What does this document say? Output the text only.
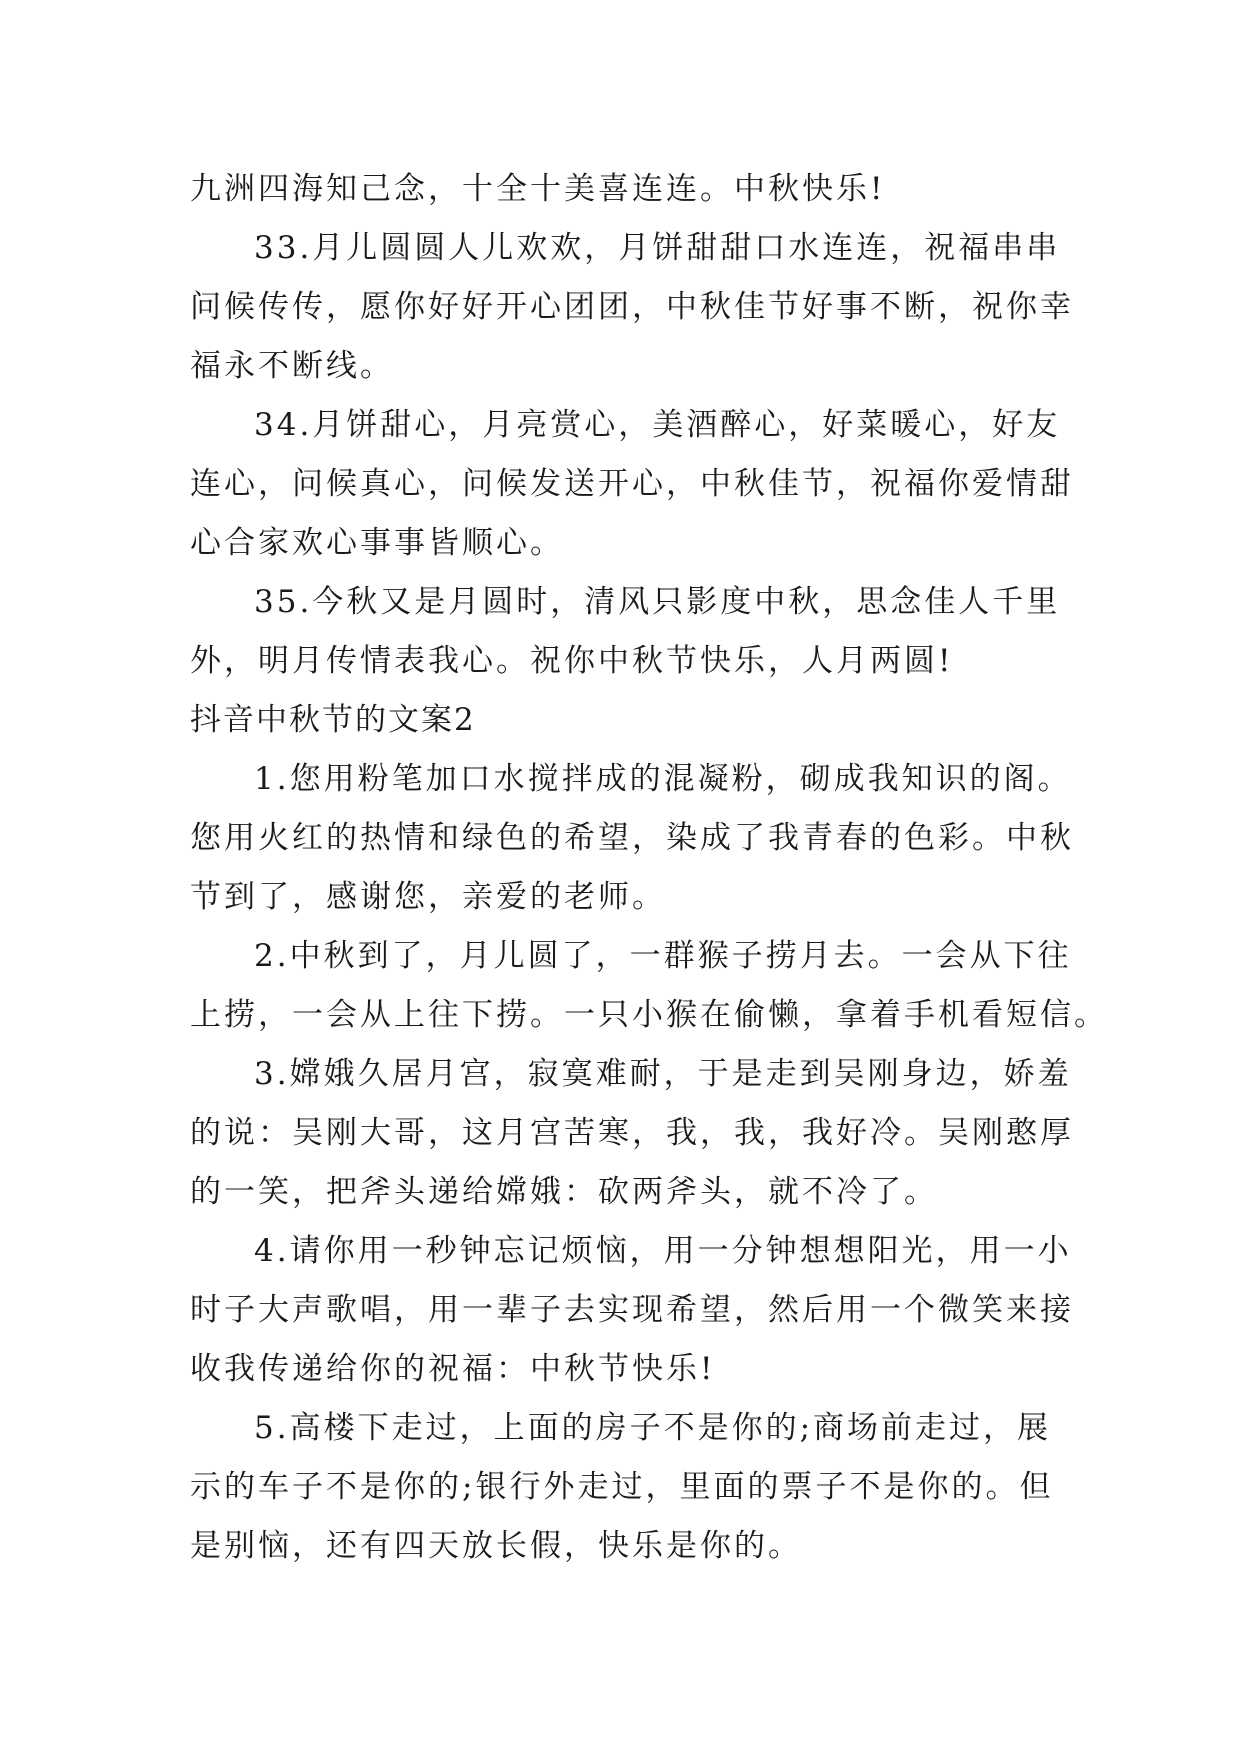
九洲四海知己念，十全十美喜连连。中秋快乐!
33.月儿圆圆人儿欢欢，月饼甜甜口水连连，祝福串串
问候传传，愿你好好开心团团，中秋佳节好事不断，祝你幸
福永不断线。
34.月饼甜心，月亮赏心，美酒醉心，好菜暖心，好友
连心，问候真心，问候发送开心，中秋佳节，祝福你爱情甜
心合家欢心事事皆顺心。
35.今秋又是月圆时，清风只影度中秋，思念佳人千里
外，明月传情表我心。祝你中秋节快乐，人月两圆!
抖音中秋节的文案2
1.您用粉笔加口水搅拌成的混凝粉，砌成我知识的阁。
您用火红的热情和绿色的希望，染成了我青春的色彩。中秋
节到了，感谢您，亲爱的老师。
2.中秋到了，月儿圆了，一群猴子捞月去。一会从下往
上捞，一会从上往下捞。一只小猴在偷懒，拿着手机看短信。
3.嫦娥久居月宫，寂寞难耐，于是走到吴刚身边，娇羞
的说：吴刚大哥，这月宫苦寒，我，我，我好冷。吴刚憨厚
的一笑，把斧头递给嫦娥：砍两斧头，就不冷了。
4.请你用一秒钟忘记烦恼，用一分钟想想阳光，用一小
时子大声歌唱，用一辈子去实现希望，然后用一个微笑来接
收我传递给你的祝福：中秋节快乐!
5.高楼下走过，上面的房子不是你的;商场前走过，展
示的车子不是你的;银行外走过，里面的票子不是你的。但
是别恼，还有四天放长假，快乐是你的。
